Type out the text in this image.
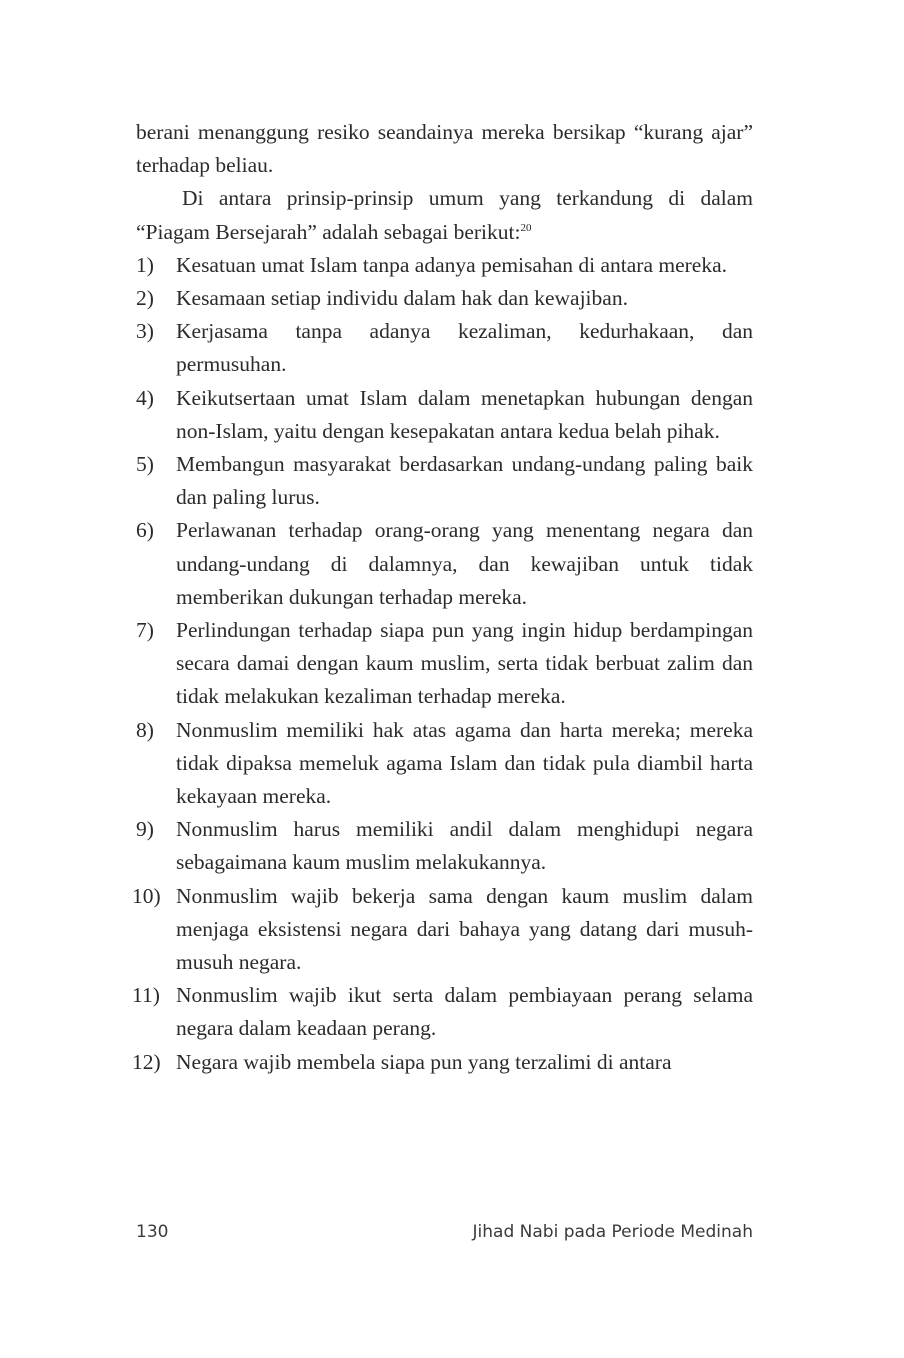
berani menanggung resiko seandainya mereka bersikap “kurang ajar” terhadap beliau.

Di antara prinsip-prinsip umum yang terkandung di dalam “Piagam Bersejarah” adalah sebagai berikut:$^{20}$

1) Kesatuan umat Islam tanpa adanya pemisahan di antara mereka.
2) Kesamaan setiap individu dalam hak dan kewajiban.
3) Kerjasama tanpa adanya kezaliman, kedurhakaan, dan permusuhan.
4) Keikutsertaan umat Islam dalam menetapkan hubungan dengan non-Islam, yaitu dengan kesepakatan antara kedua belah pihak.
5) Membangun masyarakat berdasarkan undang-undang paling baik dan paling lurus.
6) Perlawanan terhadap orang-orang yang menentang negara dan undang-undang di dalamnya, dan kewajiban untuk tidak memberikan dukungan terhadap mereka.
7) Perlindungan terhadap siapa pun yang ingin hidup berdampingan secara damai dengan kaum muslim, serta tidak berbuat zalim dan tidak melakukan kezaliman terhadap mereka.
8) Nonmuslim memiliki hak atas agama dan harta mereka; mereka tidak dipaksa memeluk agama Islam dan tidak pula diambil harta kekayaan mereka.
9) Nonmuslim harus memiliki andil dalam menghidupi negara sebagaimana kaum muslim melakukannya.
10) Nonmuslim wajib bekerja sama dengan kaum muslim dalam menjaga eksistensi negara dari bahaya yang datang dari musuh-musuh negara.
11) Nonmuslim wajib ikut serta dalam pembiayaan perang selama negara dalam keadaan perang.
12) Negara wajib membela siapa pun yang terzalimi di antara
130	Jihad Nabi pada Periode Medinah
